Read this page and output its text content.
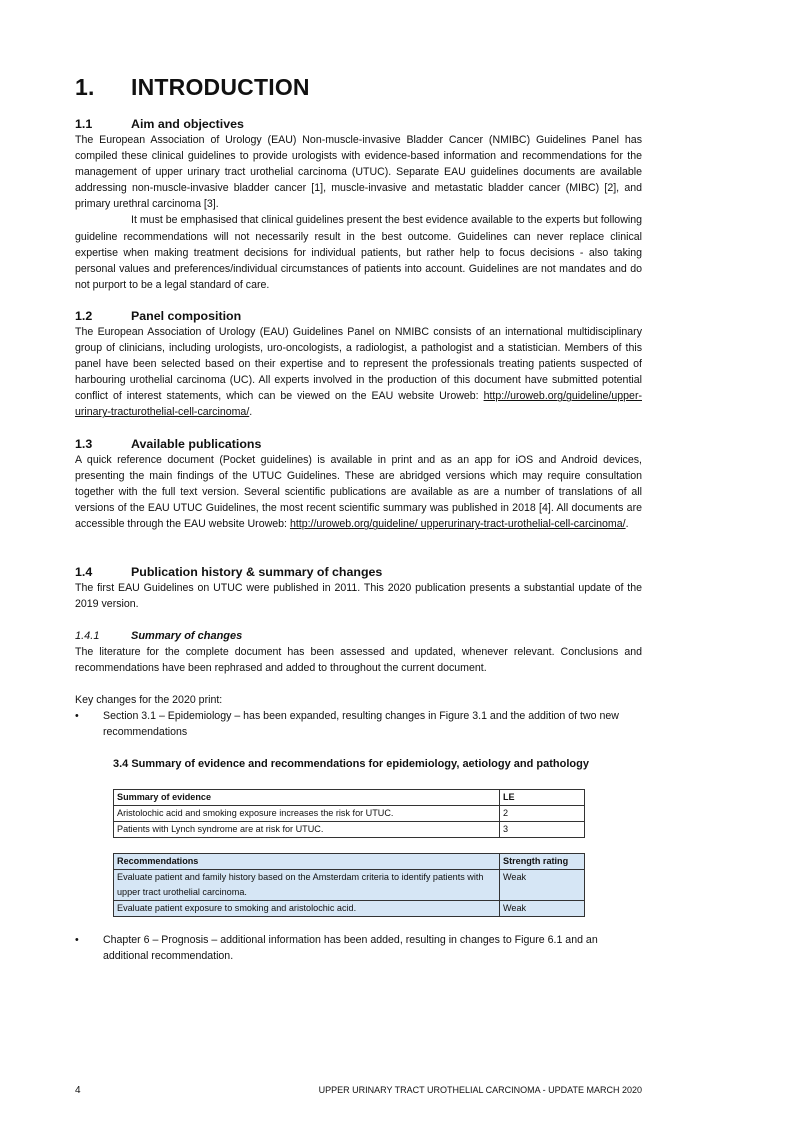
1. INTRODUCTION
1.1	Aim and objectives

The European Association of Urology (EAU) Non-muscle-invasive Bladder Cancer (NMIBC) Guidelines Panel has compiled these clinical guidelines to provide urologists with evidence-based information and recommendations for the management of upper urinary tract urothelial carcinoma (UTUC). Separate EAU guidelines documents are available addressing non-muscle-invasive bladder cancer [1], muscle-invasive and metastatic bladder cancer (MIBC) [2], and primary urethral carcinoma [3].

It must be emphasised that clinical guidelines present the best evidence available to the experts but following guideline recommendations will not necessarily result in the best outcome. Guidelines can never replace clinical expertise when making treatment decisions for individual patients, but rather help to focus decisions - also taking personal values and preferences/individual circumstances of patients into account. Guidelines are not mandates and do not purport to be a legal standard of care.

1.2	Panel composition

The European Association of Urology (EAU) Guidelines Panel on NMIBC consists of an international multidisciplinary group of clinicians, including urologists, uro-oncologists, a radiologist, a pathologist and a statistician. Members of this panel have been selected based on their expertise and to represent the professionals treating patients suspected of harbouring urothelial carcinoma (UC). All experts involved in the production of this document have submitted potential conflict of interest statements, which can be viewed on the EAU website Uroweb: http://uroweb.org/guideline/upper-urinary-tracturothelial-cell-carcinoma/.

1.3	Available publications

A quick reference document (Pocket guidelines) is available in print and as an app for iOS and Android devices, presenting the main findings of the UTUC Guidelines. These are abridged versions which may require consultation together with the full text version. Several scientific publications are available as are a number of translations of all versions of the EAU UTUC Guidelines, the most recent scientific summary was published in 2018 [4]. All documents are accessible through the EAU website Uroweb: http://uroweb.org/guideline/ upperurinary-tract-urothelial-cell-carcinoma/.

1.4	Publication history & summary of changes

The first EAU Guidelines on UTUC were published in 2011. This 2020 publication presents a substantial update of the 2019 version.

1.4.1	Summary of changes

The literature for the complete document has been assessed and updated, whenever relevant. Conclusions and recommendations have been rephrased and added to throughout the current document.

Key changes for the 2020 print:

•	Section 3.1 – Epidemiology – has been expanded, resulting changes in Figure 3.1 and the addition of two new recommendations
3.4 Summary of evidence and recommendations for epidemiology, aetiology and pathology
Summary of evidence	LE
Aristolochic acid and smoking exposure increases the risk for UTUC.	2
Patients with Lynch syndrome are at risk for UTUC.	3
Recommendations	Strength rating
Evaluate patient and family history based on the Amsterdam criteria to identify patients with upper tract urothelial carcinoma.	Weak
Evaluate patient exposure to smoking and aristolochic acid.	Weak
•	Chapter 6 – Prognosis – additional information has been added, resulting in changes to Figure 6.1 and an additional recommendation.
4	UPPER URINARY TRACT UROTHELIAL CARCINOMA - UPDATE MARCH 2020
